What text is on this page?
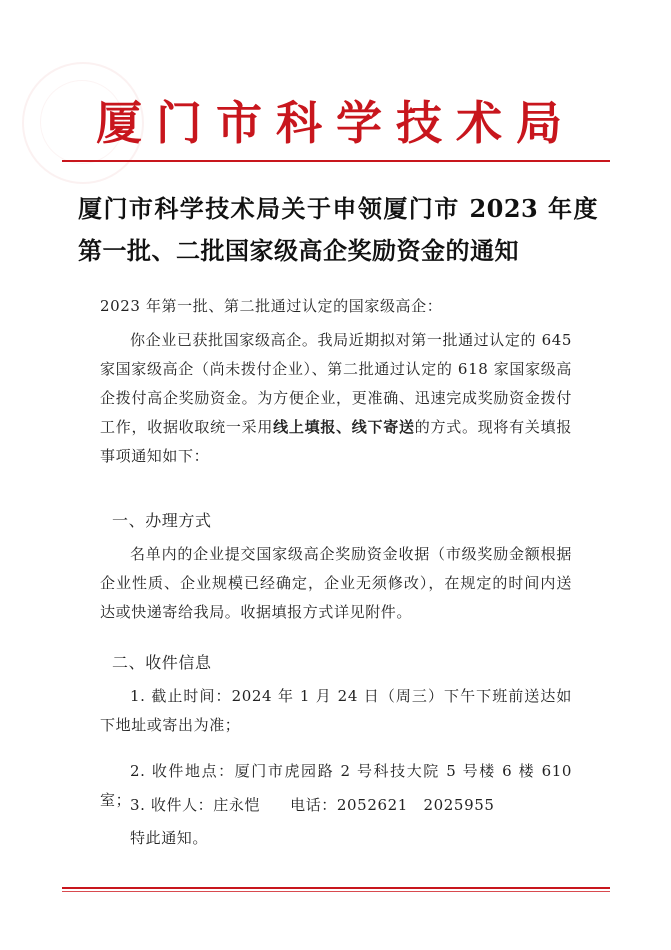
厦门市科学技术局
厦门市科学技术局关于申领厦门市 2023 年度第一批、二批国家级高企奖励资金的通知
2023 年第一批、第二批通过认定的国家级高企：
你企业已获批国家级高企。我局近期拟对第一批通过认定的 645 家国家级高企（尚未拨付企业）、第二批通过认定的 618 家国家级高企拨付高企奖励资金。为方便企业，更准确、迅速完成奖励资金拨付工作，收据收取统一采用线上填报、线下寄送的方式。现将有关填报事项通知如下：
一、办理方式
名单内的企业提交国家级高企奖励资金收据（市级奖励金额根据企业性质、企业规模已经确定，企业无须修改），在规定的时间内送达或快递寄给我局。收据填报方式详见附件。
二、收件信息
1. 截止时间：2024 年 1 月 24 日（周三）下午下班前送达如下地址或寄出为准；
2. 收件地点：厦门市虎园路 2 号科技大院 5 号楼 6 楼 610 室；
3. 收件人：庄永恺 电话：2052621　2025955
特此通知。
